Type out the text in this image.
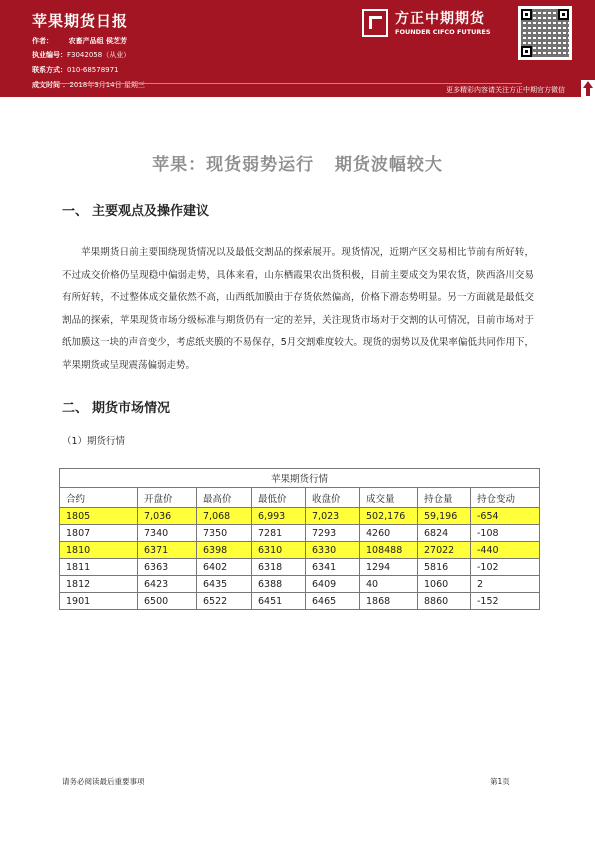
苹果期货日报
作者： 农畜产品组 侯芝芳
执业编号：F3042058（从业）
联系方式：010-68578971
成文时间 ：2018年3月14日 星期三
方正中期期货
FOUNDER CIFCO FUTURES
更多精彩内容请关注方正中期官方微信
苹果：现货弱势运行   期货波幅较大
一、 主要观点及操作建议
苹果期货日前主要围绕现货情况以及最低交割品的探索展开。现货情况，近期产区交易相比节前有所好转，不过成交价格仍呈现稳中偏弱走势，具体来看，山东栖霞果农出货积极，目前主要成交为果农货，陕西洛川交易有所好转，不过整体成交量依然不高，山西纸加膜由于存货依然偏高，价格下滑态势明显。另一方面就是最低交割品的探索，苹果现货市场分级标准与期货仍有一定的差异，关注现货市场对于交割的认可情况，目前市场对于纸加膜这一块的声音变少，考虑纸夹膜的不易保存，5月交割难度较大。现货的弱势以及优果率偏低共同作用下，苹果期货或呈现震荡偏弱走势。
二、 期货市场情况
（1）期货行情
苹果期货行情							
合约	开盘价	最高价	最低价	收盘价	成交量	持仓量	持仓变动
1805	7,036	7,068	6,993	7,023	502,176	59,196	-654
1807	7340	7350	7281	7293	4260	6824	-108
1810	6371	6398	6310	6330	108488	27022	-440
1811	6363	6402	6318	6341	1294	5816	-102
1812	6423	6435	6388	6409	40	1060	2
1901	6500	6522	6451	6465	1868	8860	-152
请务必阅读最后重要事项	第1页
